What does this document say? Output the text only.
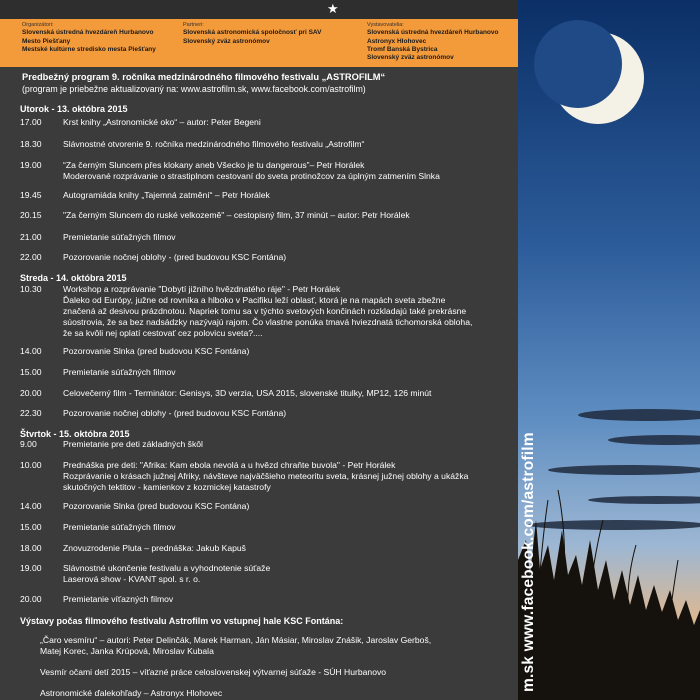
★
Organizátori:
Slovenská ústredná hvezdáreň Hurbanovo
Mesto Piešťany
Mestské kultúrne stredisko mesta Piešťany
Partneri:
Slovenská astronomická spoločnosť pri SAV
Slovenský zväz astronómov
Vystavovatelia:
Slovenská ústredná hvezdáreň Hurbanovo
Astronyx Hlohovec
Tromf Banská Bystrica
Slovenský zväz astronómov
m.sk www.facebook.com/astrofilm
Predbežný program 9. ročníka medzinárodného filmového festivalu „ASTROFILM“
(program je priebežne aktualizovaný na: www.astrofilm.sk, www.facebook.com/astrofilm)
Utorok - 13. októbra 2015
17.00	Krst knihy „Astronomické oko“ – autor: Peter Begeni
18.30	Slávnostné otvorenie 9. ročníka medzinárodného filmového festivalu „Astrofilm“
19.00	“Za černým Sluncem přes klokany aneb Všecko je tu dangerous”– Petr Horálek
Moderované rozprávanie o strastiplnom cestovaní do sveta protinožcov za úplným zatmením Slnka
19.45	Autogramiáda knihy „Tajemná zatmění“ – Petr Horálek
20.15	"Za černým Sluncem do ruské velkozemě" – cestopisný film, 37 minút – autor: Petr Horálek
21.00	Premietanie súťažných filmov
22.00	Pozorovanie nočnej oblohy - (pred budovou KSC Fontána)
Streda - 14. októbra 2015
10.30	Workshop a rozprávanie "Dobytí jižního hvězdnatého ráje" - Petr Horálek
Ďaleko od Európy, južne od rovníka a hlboko v Pacifiku leží oblasť, ktorá je na mapách sveta zbežne
značená až desivou prázdnotou. Napriek tomu sa v týchto svetových končinách rozkladajú také prekrásne
súostrovia, že sa bez nadsádzky nazývajú rajom. Čo vlastne ponúka tmavá hviezdnatá tichomorská obloha,
že sa kvôli nej oplatí cestovať cez polovicu sveta?....
14.00	Pozorovanie Slnka (pred budovou KSC Fontána)
15.00	Premietanie súťažných filmov
20.00	Celovečerný film - Terminátor: Genisys, 3D verzia, USA 2015, slovenské titulky, MP12, 126 minút
22.30	Pozorovanie nočnej oblohy - (pred budovou KSC Fontána)
Štvrtok - 15. októbra 2015
9.00	Premietanie pre deti základných škôl
10.00	Prednáška pre deti: "Afrika: Kam ebola nevolá a u hvězd chraňte buvola" - Petr Horálek
Rozprávanie o krásach južnej Afriky, návšteve najväčšieho meteoritu sveta, krásnej južnej oblohy a ukážka
skutočných tektitov - kamienkov z kozmickej katastrofy
14.00	Pozorovanie Slnka (pred budovou KSC Fontána)
15.00	Premietanie súťažných filmov
18.00	Znovuzrodenie Pluta – prednáška: Jakub Kapuš
19.00	Slávnostné ukončenie festivalu a vyhodnotenie súťaže
Laserová show - KVANT spol. s r. o.
20.00	Premietanie víťazných filmov
Výstavy počas filmového festivalu Astrofilm vo vstupnej hale KSC Fontána:
„Čaro vesmíru“ – autori: Peter Delinčák, Marek Harman, Ján Másiar, Miroslav Znášik, Jaroslav Gerboš,
Matej Korec, Janka Krúpová, Miroslav Kubala
Vesmír očami detí 2015 – víťazné práce celoslovenskej výtvarnej súťaže - SÚH Hurbanovo
Astronomické ďalekohľady – Astronyx Hlohovec
